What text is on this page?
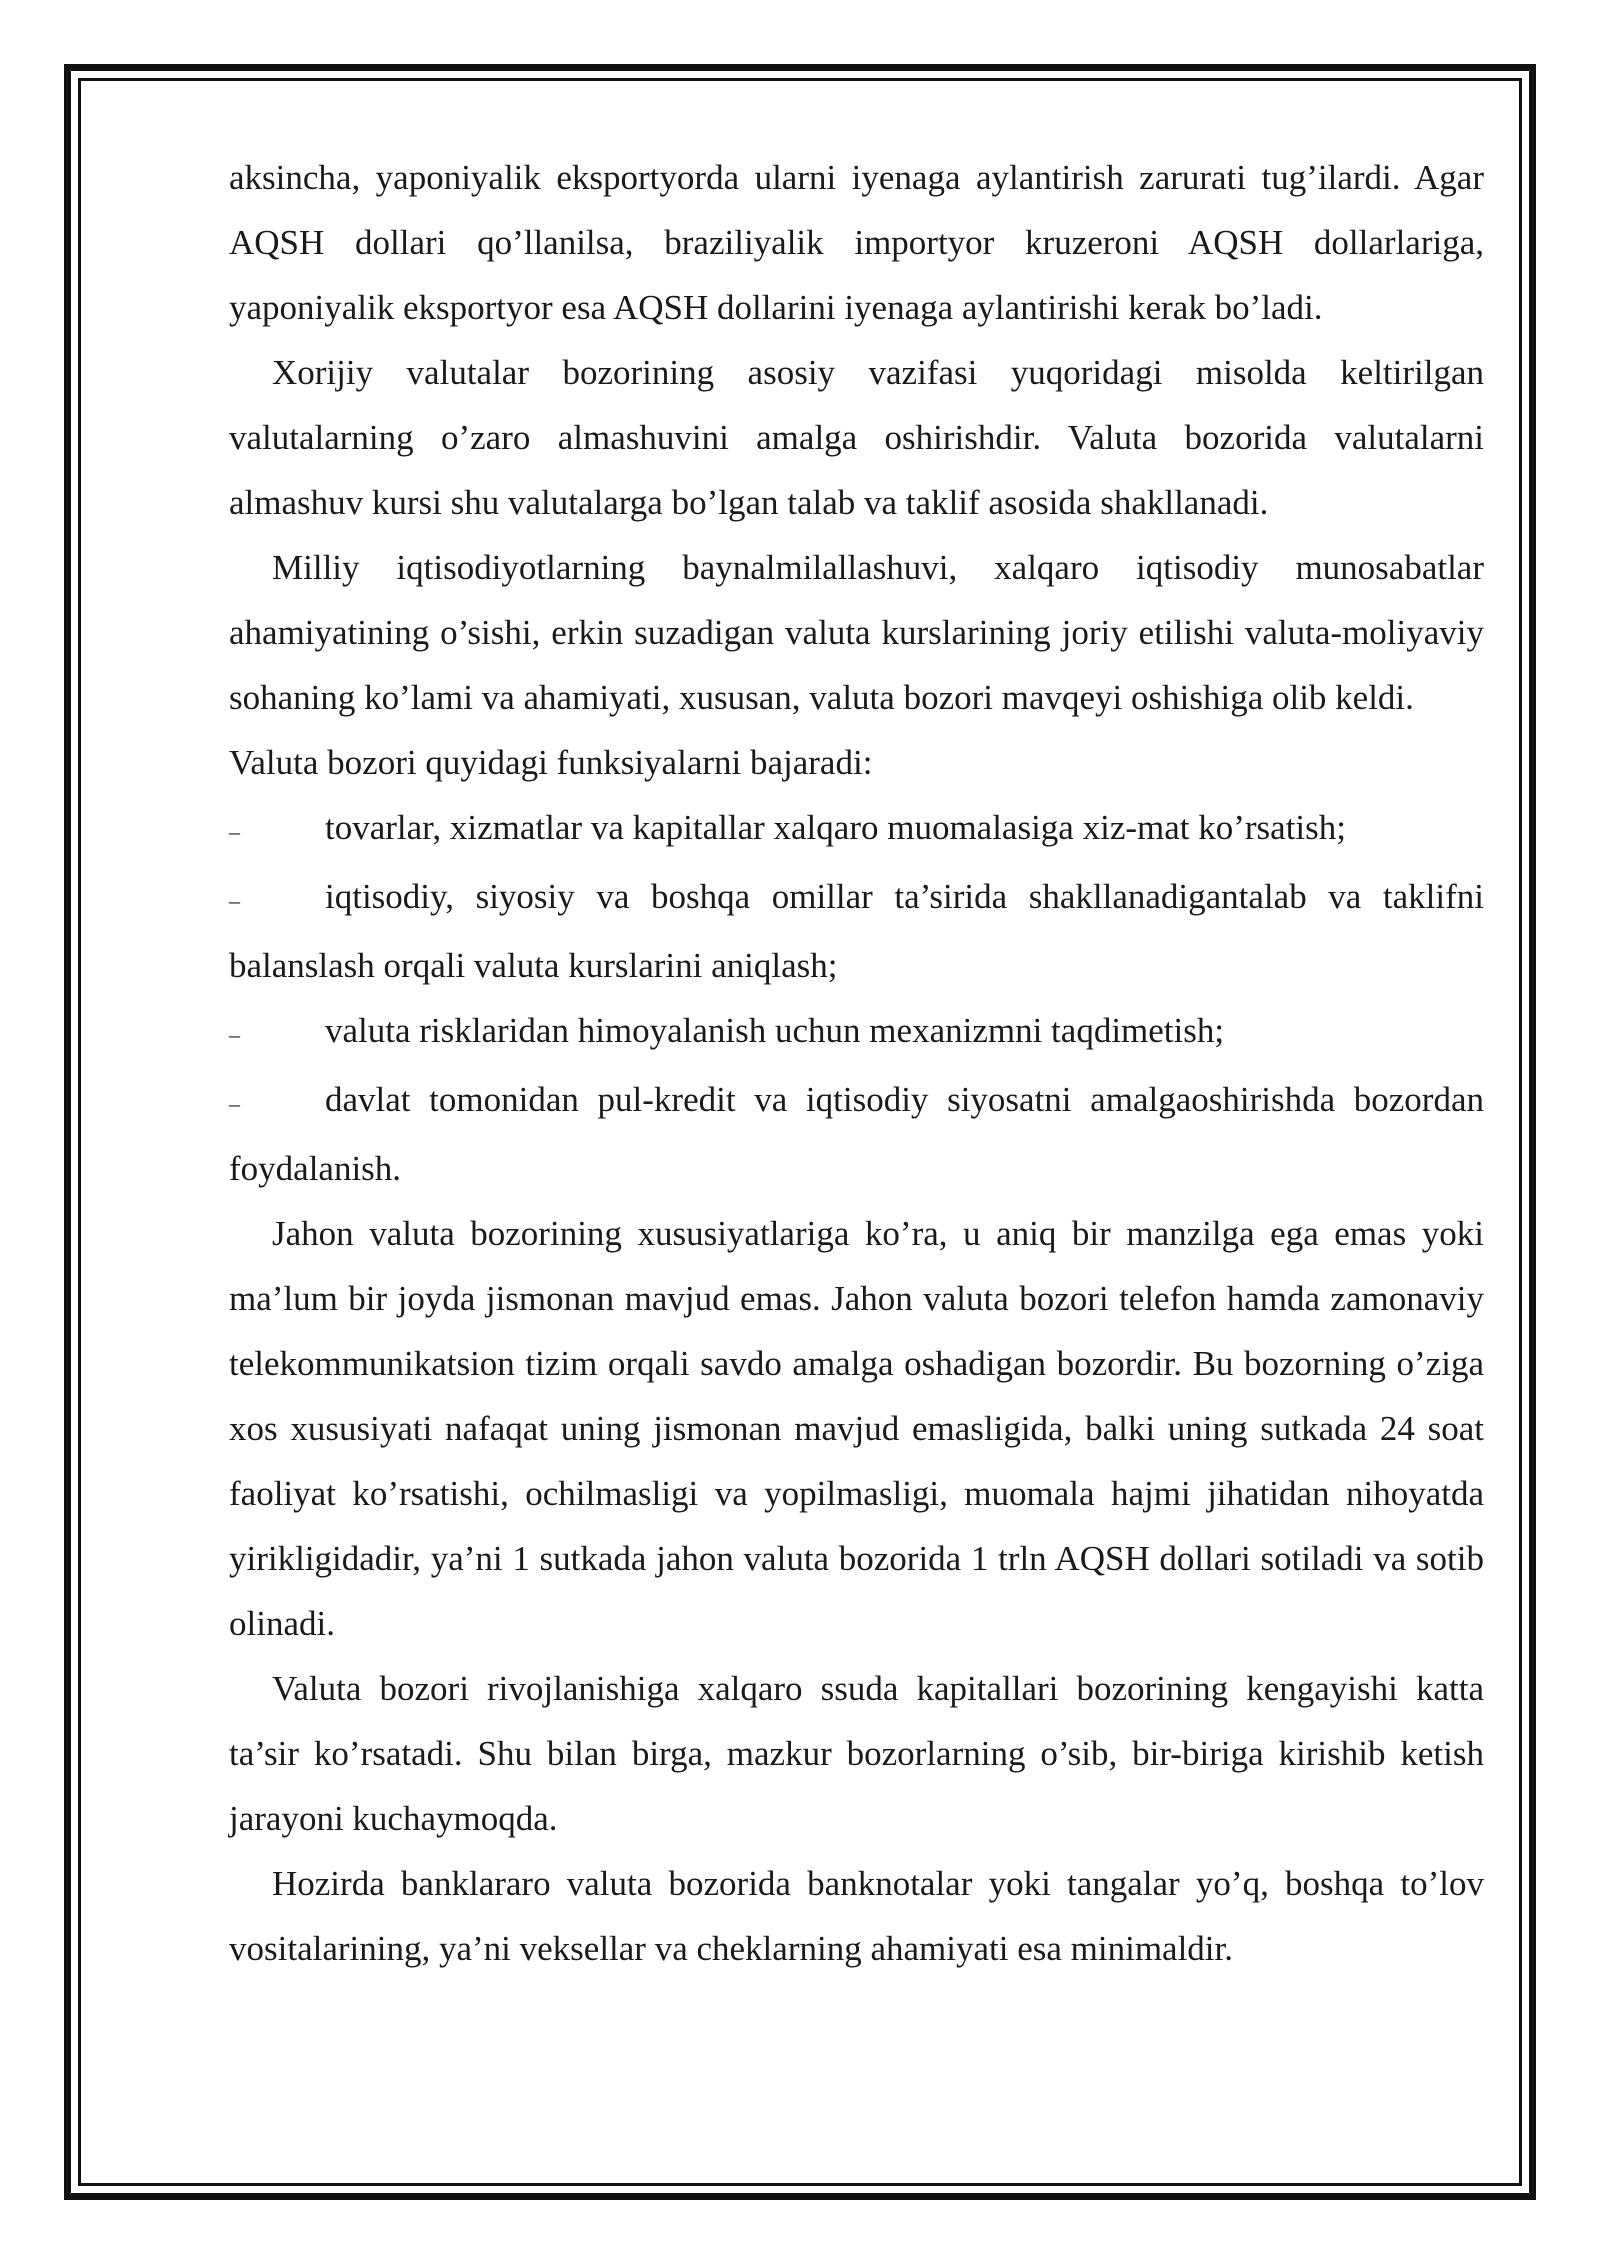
aksincha, yaponiyalik eksportyorda ularni iyenaga aylantirish zarurati tug’ilardi. Agar AQSH dollari qo’llanilsa, braziliyalik importyor kruzeroni AQSH dollarlariga, yaponiyalik eksportyor esa AQSH dollarini iyenaga aylantirishi kerak bo’ladi.

Xorijiy valutalar bozorining asosiy vazifasi yuqoridagi misolda keltirilgan valutalarning o’zaro almashuvini amalga oshirishdir. Valuta bozorida valutalarni almashuv kursi shu valutalarga bo’lgan talab va taklif asosida shakllanadi.

Milliy iqtisodiyotlarning baynalmilallashuvi, xalqaro iqtisodiy munosabatlar ahamiyatining o’sishi, erkin suzadigan valuta kurslarining joriy etilishi valuta-moliyaviy sohaning ko’lami va ahamiyati, xususan, valuta bozori mavqeyi oshishiga olib keldi.

Valuta bozori quyidagi funksiyalarni bajaradi:

– tovarlar, xizmatlar va kapitallar xalqaro muomalasiga xiz-mat ko’rsatish;

– iqtisodiy, siyosiy va boshqa omillar ta’sirida shakllanadigantalab va taklifni balanslash orqali valuta kurslarini aniqlash;

– valuta risklaridan himoyalanish uchun mexanizmni taqdimetish;

– davlat tomonidan pul-kredit va iqtisodiy siyosatni amalgaoshirishda bozordan foydalanish.

Jahon valuta bozorining xususiyatlariga ko’ra, u aniq bir manzilga ega emas yoki ma’lum bir joyda jismonan mavjud emas. Jahon valuta bozori telefon hamda zamonaviy telekommunikatsion tizim orqali savdo amalga oshadigan bozordir. Bu bozorning o’ziga xos xususiyati nafaqat uning jismonan mavjud emasligida, balki uning sutkada 24 soat faoliyat ko’rsatishi, ochilmasligi va yopilmasligi, muomala hajmi jihatidan nihoyatda yirikligidadir, ya’ni 1 sutkada jahon valuta bozorida 1 trln AQSH dollari sotiladi va sotib olinadi.

Valuta bozori rivojlanishiga xalqaro ssuda kapitallari bozorining kengayishi katta ta’sir ko’rsatadi. Shu bilan birga, mazkur bozorlarning o’sib, bir-biriga kirishib ketish jarayoni kuchaymoqda.

Hozirda banklararo valuta bozorida banknotalar yoki tangalar yo’q, boshqa to’lov vositalarining, ya’ni veksellar va cheklarning ahamiyati esa minimaldir.
